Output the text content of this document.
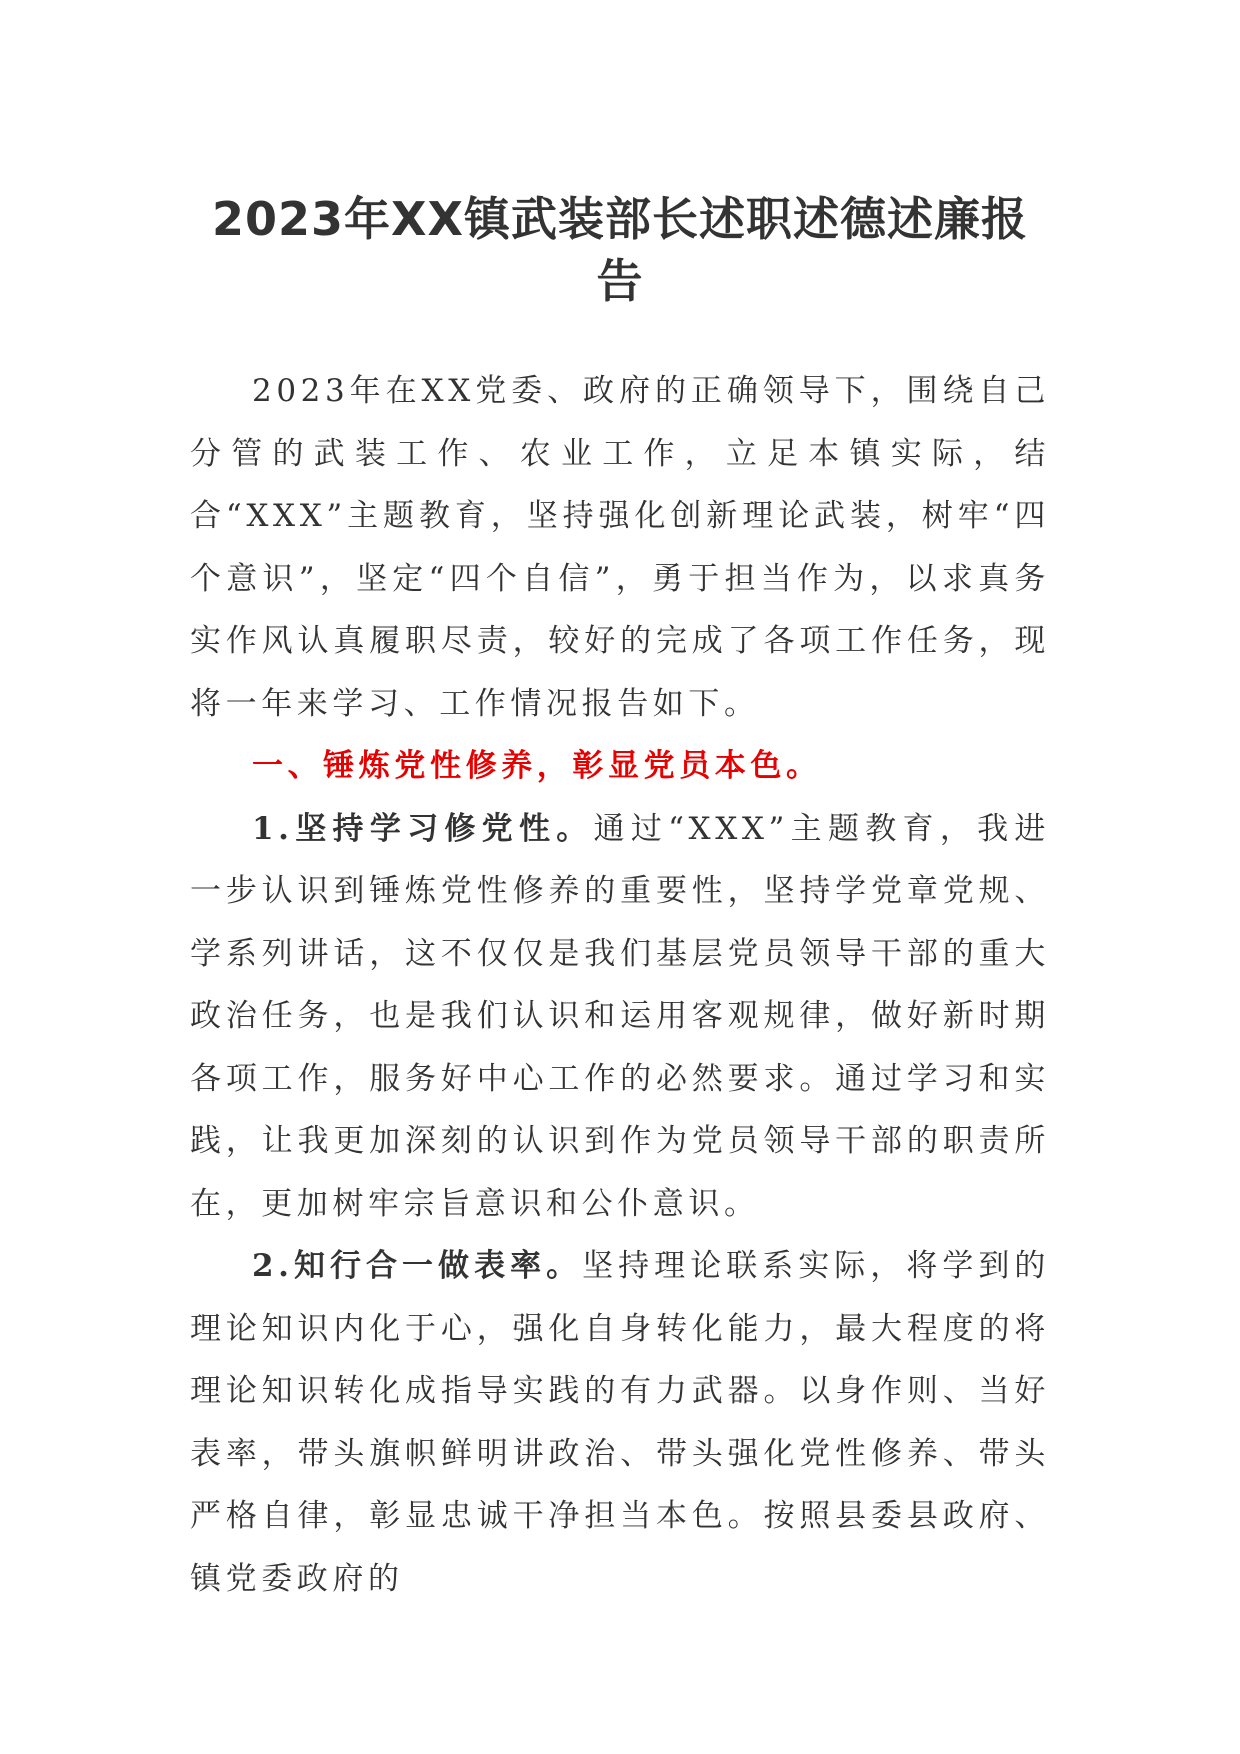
2023年XX镇武装部长述职述德述廉报告

2023年在XX党委、政府的正确领导下，围绕自己分管的武装工作、农业工作，立足本镇实际，结合“XXX”主题教育，坚持强化创新理论武装，树牢“四个意识”，坚定“四个自信”，勇于担当作为，以求真务实作风认真履职尽责，较好的完成了各项工作任务，现将一年来学习、工作情况报告如下。

一、锤炼党性修养，彰显党员本色。

1.坚持学习修党性。通过“XXX”主题教育，我进一步认识到锤炼党性修养的重要性，坚持学党章党规、学系列讲话，这不仅仅是我们基层党员领导干部的重大政治任务，也是我们认识和运用客观规律，做好新时期各项工作，服务好中心工作的必然要求。通过学习和实践，让我更加深刻的认识到作为党员领导干部的职责所在，更加树牢宗旨意识和公仆意识。

2.知行合一做表率。坚持理论联系实际，将学到的理论知识内化于心，强化自身转化能力，最大程度的将理论知识转化成指导实践的有力武器。以身作则、当好表率，带头旗帜鲜明讲政治、带头强化党性修养、带头严格自律，彰显忠诚干净担当本色。按照县委县政府、镇党委政府的
